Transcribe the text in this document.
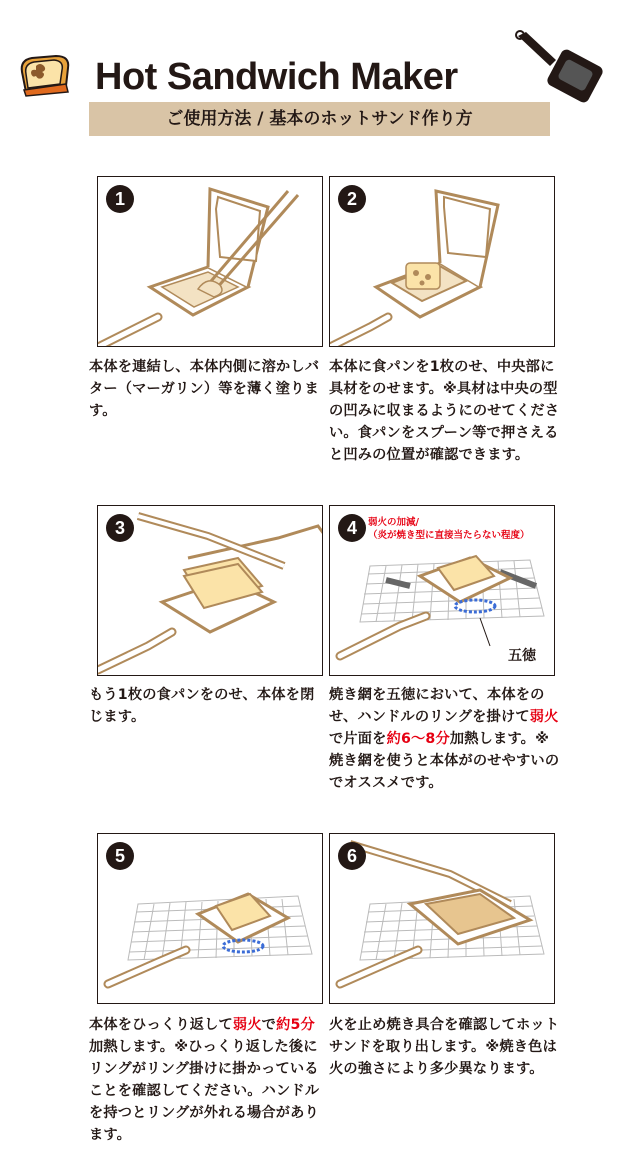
Hot Sandwich Maker
ご使用方法 / 基本のホットサンド作り方
1
本体を連結し、本体内側に溶かしバター（マーガリン）等を薄く塗ります。
2
本体に食パンを1枚のせ、中央部に具材をのせます。※具材は中央の型の凹みに収まるようにのせてください。食パンをスプーン等で押さえると凹みの位置が確認できます。
3
もう1枚の食パンをのせ、本体を閉じます。
4	弱火の加減/
（炎が焼き型に直接当たらない程度）
五徳
焼き網を五徳において、本体をのせ、ハンドルのリングを掛けて弱火で片面を約6～8分加熱します。※焼き網を使うと本体がのせやすいのでオススメです。
5
本体をひっくり返して弱火で約5分加熱します。※ひっくり返した後にリングがリング掛けに掛かっていることを確認してください。ハンドルを持つとリングが外れる場合があります。
6
火を止め焼き具合を確認してホットサンドを取り出します。※焼き色は火の強さにより多少異なります。
